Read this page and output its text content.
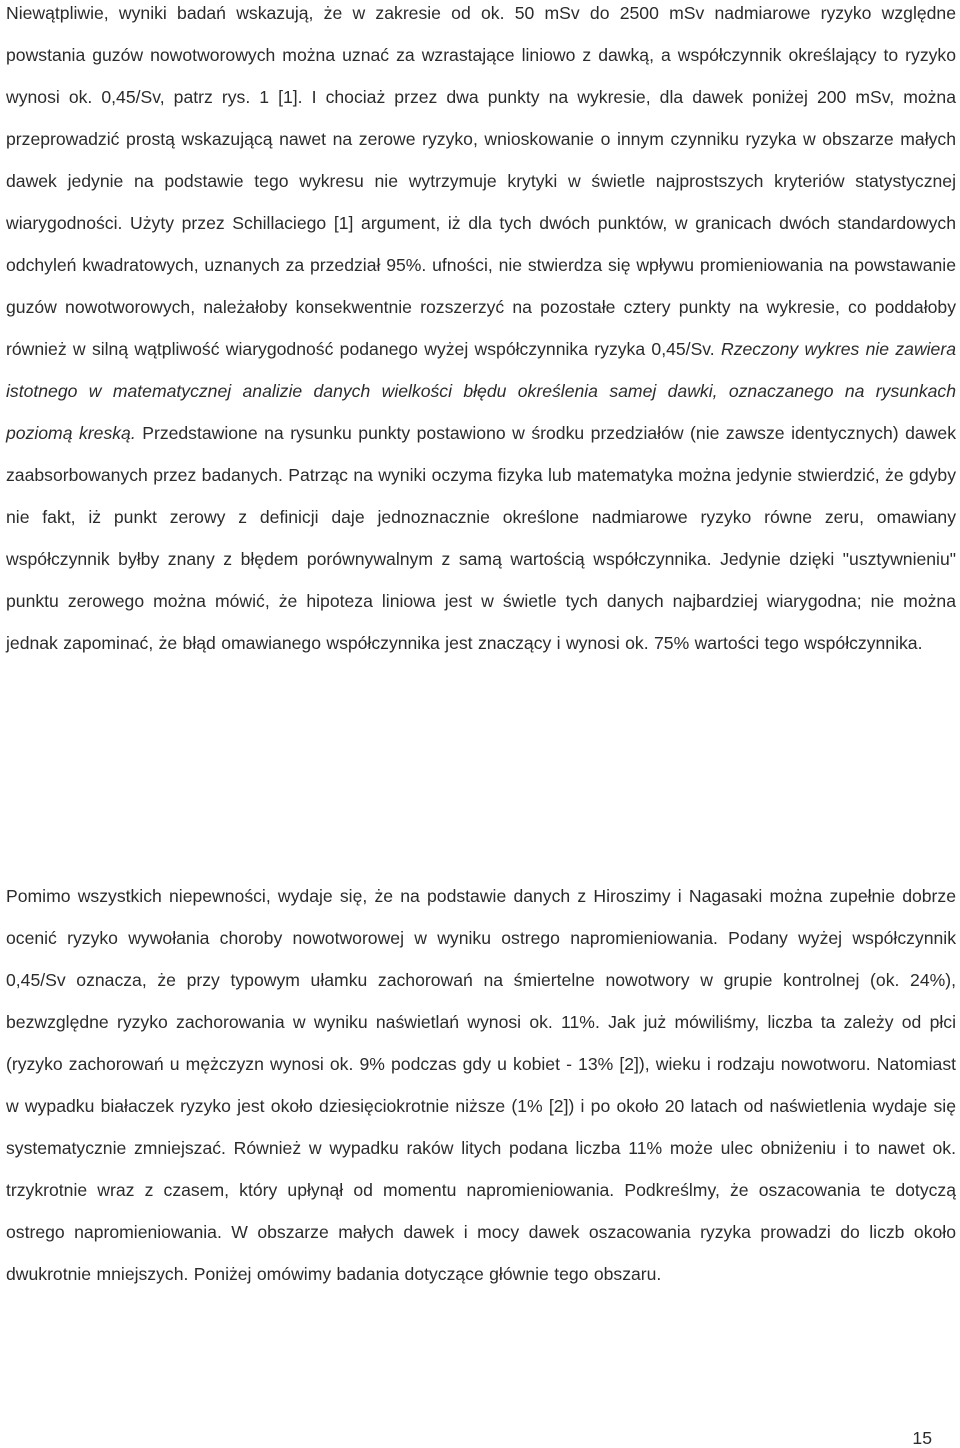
Niewątpliwie, wyniki badań wskazują, że w zakresie od ok. 50 mSv do 2500 mSv nadmiarowe ryzyko względne powstania guzów nowotworowych można uznać za wzrastające liniowo z dawką, a współczynnik określający to ryzyko wynosi ok. 0,45/Sv, patrz rys. 1 [1]. I chociaż przez dwa punkty na wykresie, dla dawek poniżej 200 mSv, można przeprowadzić prostą wskazującą nawet na zerowe ryzyko, wnioskowanie o innym czynniku ryzyka w obszarze małych dawek jedynie na podstawie tego wykresu nie wytrzymuje krytyki w świetle najprostszych kryteriów statystycznej wiarygodności. Użyty przez Schillaciego [1] argument, iż dla tych dwóch punktów, w granicach dwóch standardowych odchyleń kwadratowych, uznanych za przedział 95%. ufności, nie stwierdza się wpływu promieniowania na powstawanie guzów nowotworowych, należałoby konsekwentnie rozszerzyć na pozostałe cztery punkty na wykresie, co poddałoby również w silną wątpliwość wiarygodność podanego wyżej współczynnika ryzyka 0,45/Sv. Rzeczony wykres nie zawiera istotnego w matematycznej analizie danych wielkości błędu określenia samej dawki, oznaczanego na rysunkach poziomą kreską. Przedstawione na rysunku punkty postawiono w środku przedziałów (nie zawsze identycznych) dawek zaabsorbowanych przez badanych. Patrząc na wyniki oczyma fizyka lub matematyka można jedynie stwierdzić, że gdyby nie fakt, iż punkt zerowy z definicji daje jednoznacznie określone nadmiarowe ryzyko równe zeru, omawiany współczynnik byłby znany z błędem porównywalnym z samą wartością współczynnika. Jedynie dzięki "usztywnieniu" punktu zerowego można mówić, że hipoteza liniowa jest w świetle tych danych najbardziej wiarygodna; nie można jednak zapominać, że błąd omawianego współczynnika jest znaczący i wynosi ok. 75% wartości tego współczynnika.

Pomimo wszystkich niepewności, wydaje się, że na podstawie danych z Hiroszimy i Nagasaki można zupełnie dobrze ocenić ryzyko wywołania choroby nowotworowej w wyniku ostrego napromieniowania. Podany wyżej współczynnik 0,45/Sv oznacza, że przy typowym ułamku zachorowań na śmiertelne nowotwory w grupie kontrolnej (ok. 24%), bezwzględne ryzyko zachorowania w wyniku naświetlań wynosi ok. 11%. Jak już mówiliśmy, liczba ta zależy od płci (ryzyko zachorowań u mężczyzn wynosi ok. 9% podczas gdy u kobiet - 13% [2]), wieku i rodzaju nowotworu. Natomiast w wypadku białaczek ryzyko jest około dziesięciokrotnie niższe (1% [2]) i po około 20 latach od naświetlenia wydaje się systematycznie zmniejszać. Również w wypadku raków litych podana liczba 11% może ulec obniżeniu i to nawet ok. trzykrotnie wraz z czasem, który upłynął od momentu napromieniowania. Podkreślmy, że oszacowania te dotyczą ostrego napromieniowania. W obszarze małych dawek i mocy dawek oszacowania ryzyka prowadzi do liczb około dwukrotnie mniejszych. Poniżej omówimy badania dotyczące głównie tego obszaru.

15
